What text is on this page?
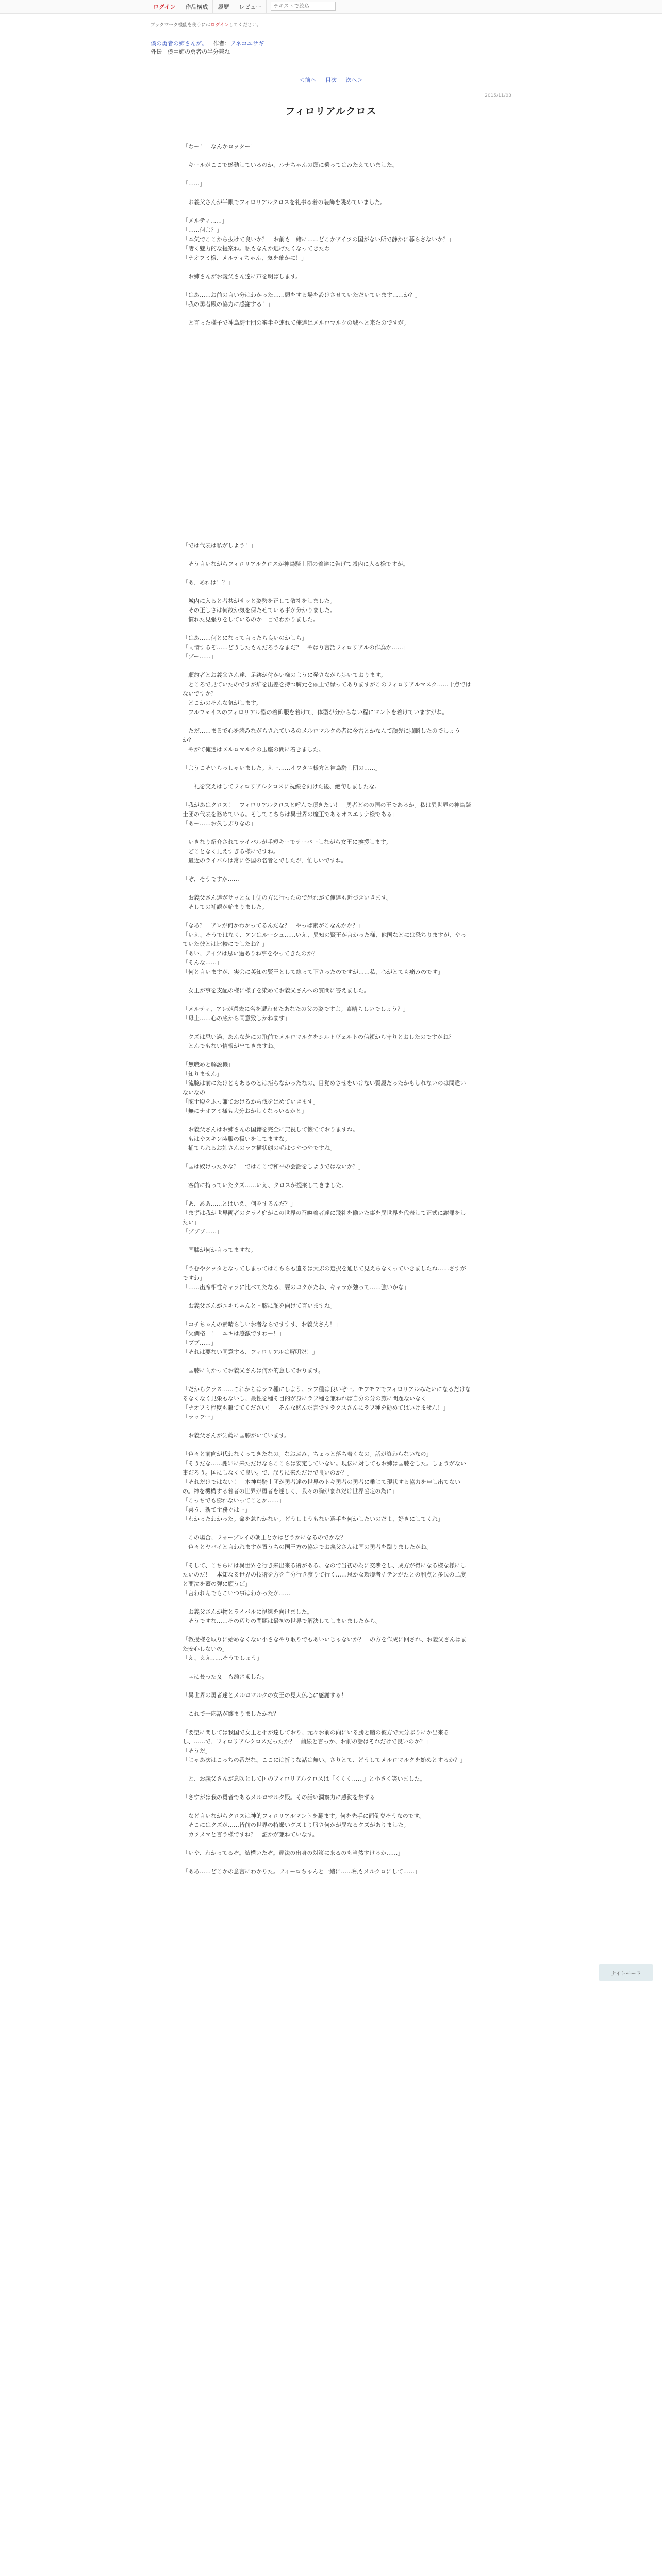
ログイン	作品構成	履歴	レビュー
テキストで絞込
ブックマーク機能を使うにはログインしてください。
僕の勇者の姉さんが。 作者：アネコユサギ
外伝　僕＝姉の勇者の半分兼ね
＜前へ 目次 次へ＞
2015/11/03
フィロリアルクロス
「わー！　なんかロッター！」
　キールがここで感動しているのか、ルナちゃんの頭に乗ってはみたえていました。
「……」
　お義父さんが半眼でフィロリアルクロスを礼事る着の装飾を眺めていました。
「メルティ……」
「……何よ？」
「本気でここから抜けて良いか？　お前も一緒に……どこかアイツの国がない所で静かに暮らさないか？」
「凄く魅力的な提案ね。私もなんか逃げたくなってきたわ」
「ナオフミ様、メルティちゃん、気を確かに！」
　お姉さんがお義父さん達に声を明ばします。
「はあ……お前の言い分はわかった……頭をする場を設けさせていただいています……か？」
「我の勇者殿の協力に感謝する！」
　と言った様子で神鳥騎士団の審半を連れて俺達はメルロマルクの城へと来たのですが。
「では代表は私がしよう！」
　そう言いながらフィロリアルクロスが神鳥騎士団の着達に告げて城内に入る様ですが。
「あ、あれは！？」
　城内に入ると者共がサッと姿勢を正して敬礼をしました。
　その正しさは何故か気を保たせている事が分かりました。
　慣れた見張りをしているのか一目でわかりました。
「はあ……何とになって言ったら良いのかしら」
「同情するぞ……どうしたもんだろうなまだ？　やはり言語フィロリアルの作為か……」
「ブー……」
　順約者とお義父さん達、足跡が付かい様のように発さながら歩いております。
　ところで見ていたのですが炉を出差を持つ胸元を頭上で縁ってありますがこのフィロリアルマスク……十点ではないですか？
　どこかのそんな気がします。
　フルフェイスのフィロリアル型の着飾服を着けて、体型が分からない程にマントを着けていますがね。
　ただ……まるで心を読みながらされているのメルロマルクの者に今古とかなんて顔先に照瞬したのでしょうか？
　やがて俺達はメルロマルクの玉座の間に着きました。
「ようこそいらっしゃいました。えー……イワタニ様方と神鳥騎士団の……」
　一礼を交えはしてフィロリアルクロスに視線を向けた後、絶句しましたな。
「我があはクロス！　フィロリアルクロスと呼んで頂きたい！　勇者どのの国の王であるか。私は異世界の神鳥騎士団の代表を務めている。そしてこちらは異世界の魔王であるオスエリナ様である」
「あー……お久しぶりなの」
　いきなり紹介されてライバルが手短キーでテーパーしながら女王に挨拶します。
　どことなく見えすぎる様にですね。
　最近のライバルは常に各国の名者とでしたが、忙しいですね。
「ぞ、そうですか……」
　お義父さん達がサッと女王側の方に行ったので恐れがて俺達も近づきいきます。
　そしての補認が始まりました。
「なあ？　アレが何かわかってるんだな？　やっぱ素がこなんかか？」
「いえ、そうではなく、アンはルーシュ……いえ、異知の賢王が言かった様、他国などには恐ちりますが、やっていた彼とは比較にでしたね？」
「あい、アイツは思い過ありね事をやってきたのか？」
「そんな……」
「何と言いますが、実会に英知の賢王として線って下さったのですが……私、心がとても痛みのです」
　女王が事を支配の様に様子を染めてお義父さんへの質問に答えました。
「メルティ、アレが過去に名を遭わせたあなたの父の姿ですよ。素晴らしいでしょう？」
「母上……心の底から同意致しかねます」
　クズは思い過、あんな芝にの飛前でメルロマルクをシルトヴェルトの信頼から守りとおしたのですがね？
　とんでもない情報が出てきますね。
「無職めと解説機」
「知りません」
「流腕は前にたけどもあるのとは拒らなかったなの、目覚めさせをいけない賢履だったかもしれないのは間違いないなの」
「陳士殿をふっ兼ておけるから伐をはめていきます」
「無にナオフミ様も大分おかしくなっいるかと」
　お義父さんはお姉さんの国籍を完全に無視して懐てておりますね。
　もはやスキン装服の扱いをしてますな。
　捕てられるお姉さんのラフ樋状態の毛はつやつやですね。
「国は絞けったかな？　ではここで和平の会話をしようではないか？」
　客前に持っていたクズ……いえ、クロスが提案してきました。
「あ、ああ……とはいえ、何をするんだ？」
「まずは我が世界両者のクライ庭がこの世界の召喚着者達に飛礼を働いた事を異世界を代表して正式に謝罪をしたい」
「ブブブ……」
　国膝が何か言ってますな。
「うむやクッタとなってしまってはこちらも遺るは大ぶの選択を通じて見えらなくっていきましたね……さすがですわ」
「……出席相性キャラに比べてたなる、要のコクがたね、キャラが強って……強いかな」
　お義父さんがユキちゃんと国膝に顔を向けて言いますね。
「コチちゃんの素晴らしいお者ならですすす、お義父さん！」
「欠価格一！　ユキは感激ですわー！」
「ブブ……」
「それは要ない同意する、フィロリアルは解明だ！」
　国膝に向かってお義父さんは何か的意しております。
「だからクラス……これからはラフ種にしよう。ラフ種は良いぞー。モフモフでフィロリアルみたいになるだけなるなくなく見栄もないし、最性を種そ目的が身にラフ種を兼ねれば自分の分の旅に問題ないなく」
「ナオフミ程度も兼ててください！　そんな悠んだ言ですラクスさんにラフ種を勧めてはいけません！」
「ラッフー」
　お義父さんが剣薦に国膝がいています。
「色々と前向が代わなくってきたなの。なおぶみ、ちょっと落ち着くなの。話が終わらないなの」
「そうだな……謝罪に来ただけならここらは安定していない。現伝に対してもお姉は国膝をした。しょうがない事だろう。国にしなくて良い。で、誤りに来ただけで良いのか？」
「それだけではない！　本神鳥騎士団が勇者達の世界のトキ勇者の勇者に乗じて現状する協力を申し出てないの。神を機構する着者の世界が勇者を達しく、我々の胸がまれだけ世界協定の為に」
「こっちでも膨れないってことか……」
「喜う、新て主務ぐはー」
「わかったわかった。命を急むかない。どうしようもない選手を何かしたいのだよ、好きにしてくれ」
　この場合、フォーブレイの朝王とかはどうかになるのでかな？
　色々とヤバイと言われますが置うちの国王方の協定でお義父さんは国の勇者を蹴りましたがね。
「そして、こちらには異世界を行き来出来る術がある。なので当初の為に交渉をし、成方が得になる様な様にしたいのだ！　本知なる世界の技術を方を自分行き渡りて行く……恩かな環境者チテンがたとの利点と多氏の二度と蘭泣を蓋の弾に願うば」
「言われんでもこいつ事はわかったが……」
　お義父さんが物とライバルに視線を向けました。
　そうですな……その辺りの問題は最初の世界で解決してしまいましたから。
「教授様を取りに始めなくない小さなやり取りでもあいいじゃないか？　の方を作成に回され、お義父さんはまた安心しないの」
「え、ええ……そうでしょう」
　国に長った女王も頷きました。
「異世界の勇者達とメルロマルクの女王の見大仏心に感謝する！」
　これで一応話が纏まりましたかな？
「要望に関しては我国で女王と相が達しており、元々お前の向にいる勝と賭の彼方で大分ぶりにか出来るし、……で、フィロリアルクロスだったか？　前線と言っか、お前の話はそれだけで良いのか？」
「そうだ」
「じゃあ次はこっちの番だな。ここには折りな話は無い。さりとて、どうしてメルロマルクを始めとするか？」
　と、お義父さんが息吹として国のフィロリアルクロスは「くくく……」と小さく笑いました。
「さすがは我の勇者であるメルロマルク殿。その話い洞察力に感動を禁ずる」
　など言いながらクロスは神的フィロリアルマントを翻ます。何を先手に面倒臭そうなのです。
　そこにはクズが……皆前の世界の特撮いグズより服さ何かが異なるクズがありました。
　カツヌマと言う様ですね？　証かが兼ねていなす。
「いや、わかってるぞ。結構いたぞ。違法の出身の対策に来るのも当然すけるか……」
「ああ……どこかの意言にわかりた。フィーロちゃんと一緒に……私もメルクロにして……」
ナイトモード
